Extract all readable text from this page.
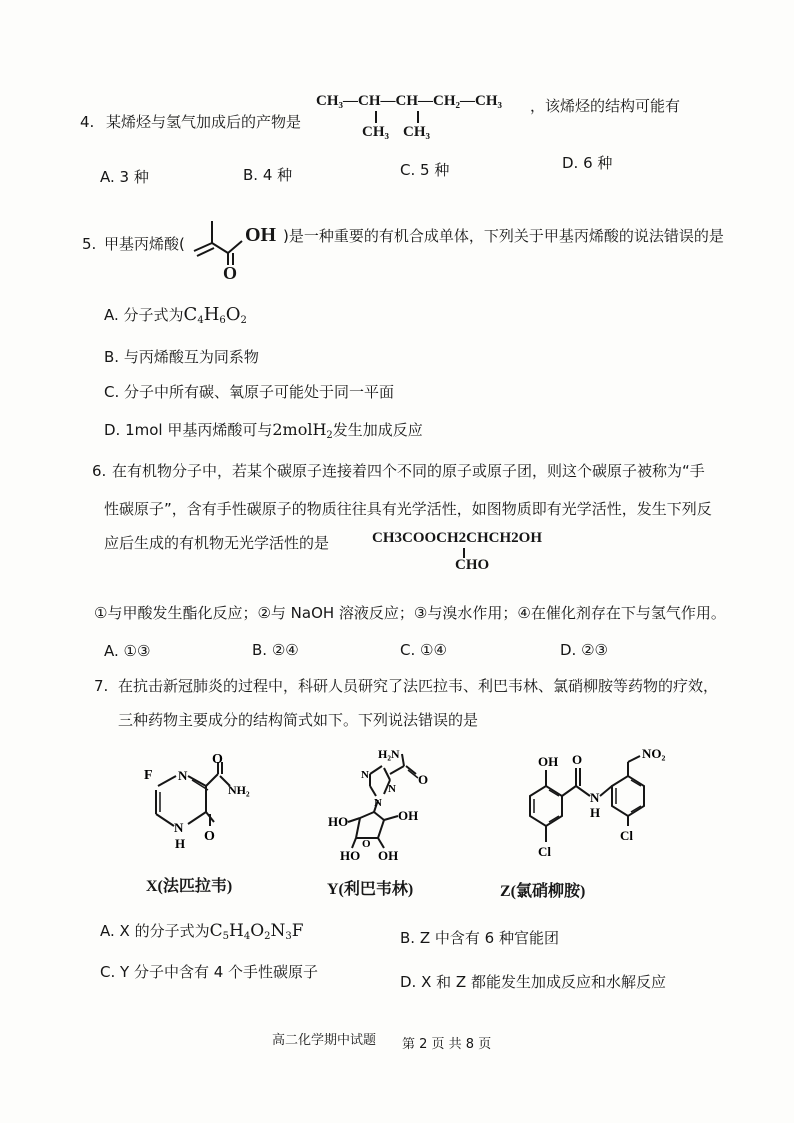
4. 某烯烃与氢气加成后的产物是
CH₃—CH—CH—CH₂—CH₃
CH₃ CH₃
，该烯烃的结构可能有
A. 3 种	B. 4 种	C. 5 种	D. 6 种
5. 甲基丙烯酸(	OH
O
)是一种重要的有机合成单体，下列关于甲基丙烯酸的说法错误的是
A. 分子式为$C_4H_6O_2$
B. 与丙烯酸互为同系物
C. 分子中所有碳、氧原子可能处于同一平面
D. 1mol 甲基丙烯酸可与2molH$_2$发生加成反应
6. 在有机物分子中，若某个碳原子连接着四个不同的原子或原子团，则这个碳原子被称为“手
性碳原子”，含有手性碳原子的物质往往具有光学活性，如图物质即有光学活性，发生下列反
应后生成的有机物无光学活性的是	CH3COOCH2CHCH2OH
CHO
①与甲酸发生酯化反应；②与 NaOH 溶液反应；③与溴水作用；④在催化剂存在下与氢气作用。
A. ①③	B. ②④	C. ①④	D. ②③
7. 在抗击新冠肺炎的过程中，科研人员研究了法匹拉韦、利巴韦林、氯硝柳胺等药物的疗效，
三种药物主要成分的结构简式如下。下列说法错误的是
F N
O
NH₂
N
H O
H₂N
O
N
N
N
HO	OH
HO OH
O
OH O	NO₂
N
H
Cl
Cl
X(法匹拉韦)	Y(利巴韦林)	Z(氯硝柳胺)
A. X 的分子式为$C_5H_4O_2N_3F$	B. Z 中含有 6 种官能团
C. Y 分子中含有 4 个手性碳原子
D. X 和 Z 都能发生加成反应和水解反应
高二化学期中试题 第 2 页 共 8 页
